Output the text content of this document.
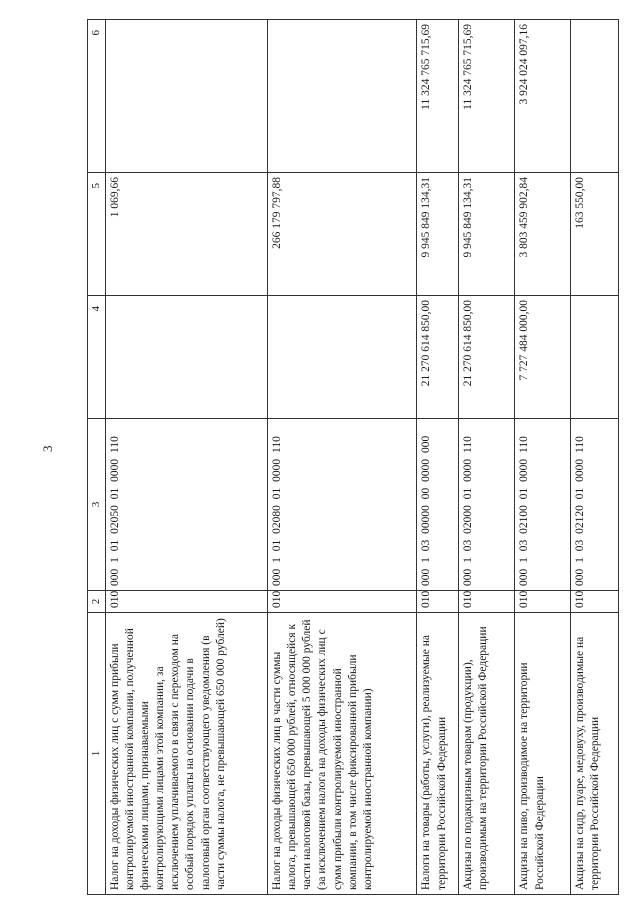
3
1	2	3	4	5	6
Налог на доходы физических лиц с сумм прибыли контролируемой иностранной компании, полученной физическими лицами, признаваемыми контролирующими лицами этой компании, за исключением уплачиваемого в связи с переходом на особый порядок уплаты на основании подачи в налоговый орган соответствующего уведомления (в части суммы налога, не превышающей 650 000 рублей)	010	000 1 01 02050 01 0000 110		1 069,66	
Налог на доходы физических лиц в части суммы налога, превышающей 650 000 рублей, относящейся к части налоговой базы, превышающей 5 000 000 рублей (за исключением налога на доходы физических лиц с сумм прибыли контролируемой иностранной компании, в том числе фиксированной прибыли контролируемой иностранной компании)	010	000 1 01 02080 01 0000 110		266 179 797,88	
Налоги на товары (работы, услуги), реализуемые на территории Российской Федерации	010	000 1 03 00000 00 0000 000	21 270 614 850,00	9 945 849 134,31	11 324 765 715,69
Акцизы по подакцизным товарам (продукции), производимым на территории Российской Федерации	010	000 1 03 02000 01 0000 110	21 270 614 850,00	9 945 849 134,31	11 324 765 715,69
Акцизы на пиво, производимое на территории Российской Федерации	010	000 1 03 02100 01 0000 110	7 727 484 000,00	3 803 459 902,84	3 924 024 097,16
Акцизы на сидр, пуаре, медовуху, производимые на территории Российской Федерации	010	000 1 03 02120 01 0000 110		163 550,00	
